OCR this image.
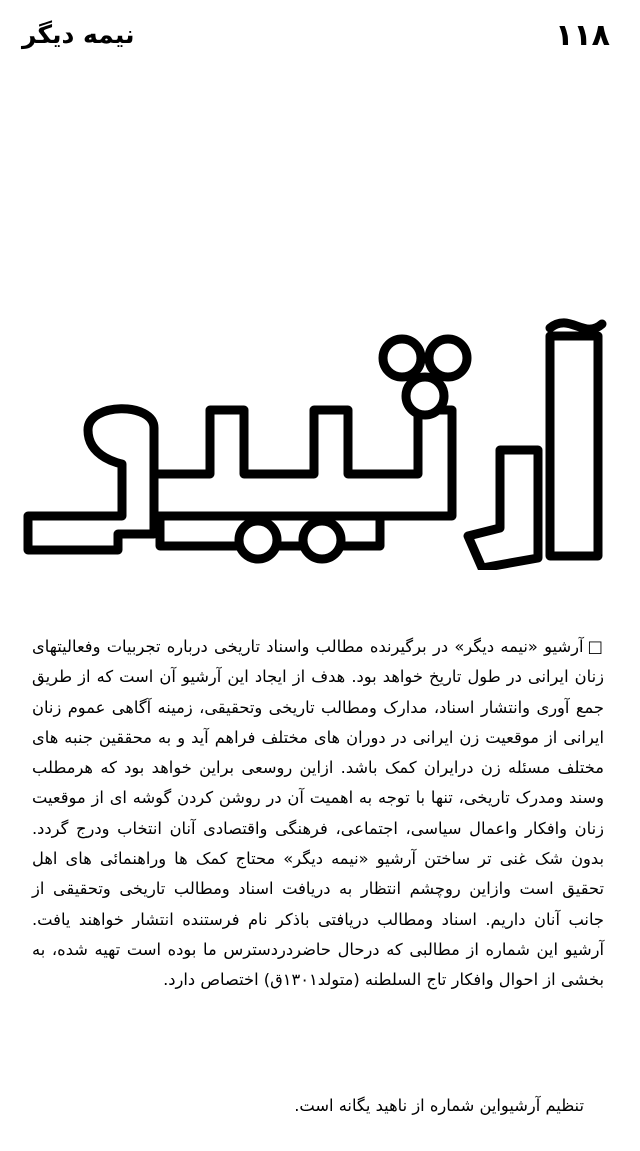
۱۱۸
نیمه دیگر
□آرشیو «نیمه دیگر» در برگیرنده مطالب واسناد تاریخی درباره تجربیات وفعالیتهای زنان ایرانی در طول تاریخ خواهد بود. هدف از ایجاد این آرشیو آن است که از طریق جمع آوری وانتشار اسناد، مدارک ومطالب تاریخی وتحقیقی، زمینه آگاهی عموم زنان ایرانی از موقعیت زن ایرانی در دوران های مختلف فراهم آید و به محققین جنبه های مختلف مسئله زن درایران کمک باشد. ازاین روسعی براین خواهد بود که هرمطلب وسند ومدرک تاریخی، تنها با توجه به اهمیت آن در روشن کردن گوشه ای از موقعیت زنان وافکار واعمال سیاسی، اجتماعی، فرهنگی واقتصادی آنان انتخاب ودرج گردد. بدون شک غنی تر ساختن آرشیو «نیمه دیگر» محتاج کمک ها وراهنمائی های اهل تحقیق است وازاین روچشم انتظار به دریافت اسناد ومطالب تاریخی وتحقیقی از جانب آنان داریم. اسناد ومطالب دریافتی باذکر نام فرستنده انتشار خواهند یافت. آرشیو این شماره از مطالبی که درحال حاضردردسترس ما بوده است تهیه شده، به بخشی از احوال وافکار تاج السلطنه (متولد۱۳۰۱ق) اختصاص دارد.
تنظیم آرشیواین شماره از ناهید یگانه است.
